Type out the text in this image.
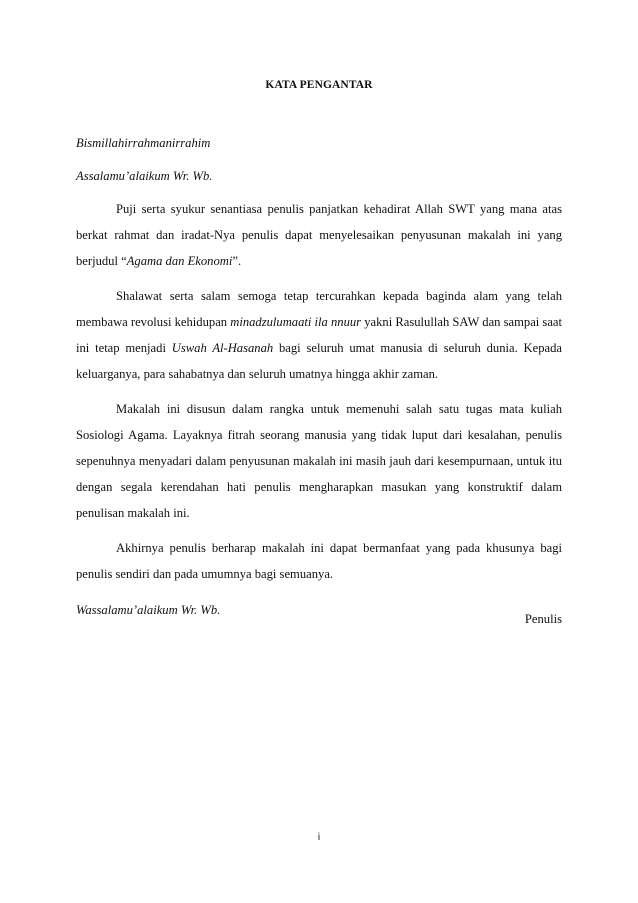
KATA PENGANTAR

Bismillahirrahmanirrahim

Assalamu’alaikum Wr. Wb.

Puji serta syukur senantiasa penulis panjatkan kehadirat Allah SWT yang mana atas berkat rahmat dan iradat-Nya penulis dapat menyelesaikan penyusunan makalah ini yang berjudul “Agama dan Ekonomi”.

Shalawat serta salam semoga tetap tercurahkan kepada baginda alam yang telah membawa revolusi kehidupan minadzulumaati ila nnuur yakni Rasulullah SAW dan sampai saat ini tetap menjadi Uswah Al-Hasanah bagi seluruh umat manusia di seluruh dunia. Kepada keluarganya, para sahabatnya dan seluruh umatnya hingga akhir zaman.

Makalah ini disusun dalam rangka untuk memenuhi salah satu tugas mata kuliah Sosiologi Agama. Layaknya fitrah seorang manusia yang tidak luput dari kesalahan, penulis sepenuhnya menyadari dalam penyusunan makalah ini masih jauh dari kesempurnaan, untuk itu dengan segala kerendahan hati penulis mengharapkan masukan yang konstruktif dalam penulisan makalah ini.

Akhirnya penulis berharap makalah ini dapat bermanfaat yang pada khusunya bagi penulis sendiri dan pada umumnya bagi semuanya.

Wassalamu’alaikum Wr. Wb.

Penulis
i
